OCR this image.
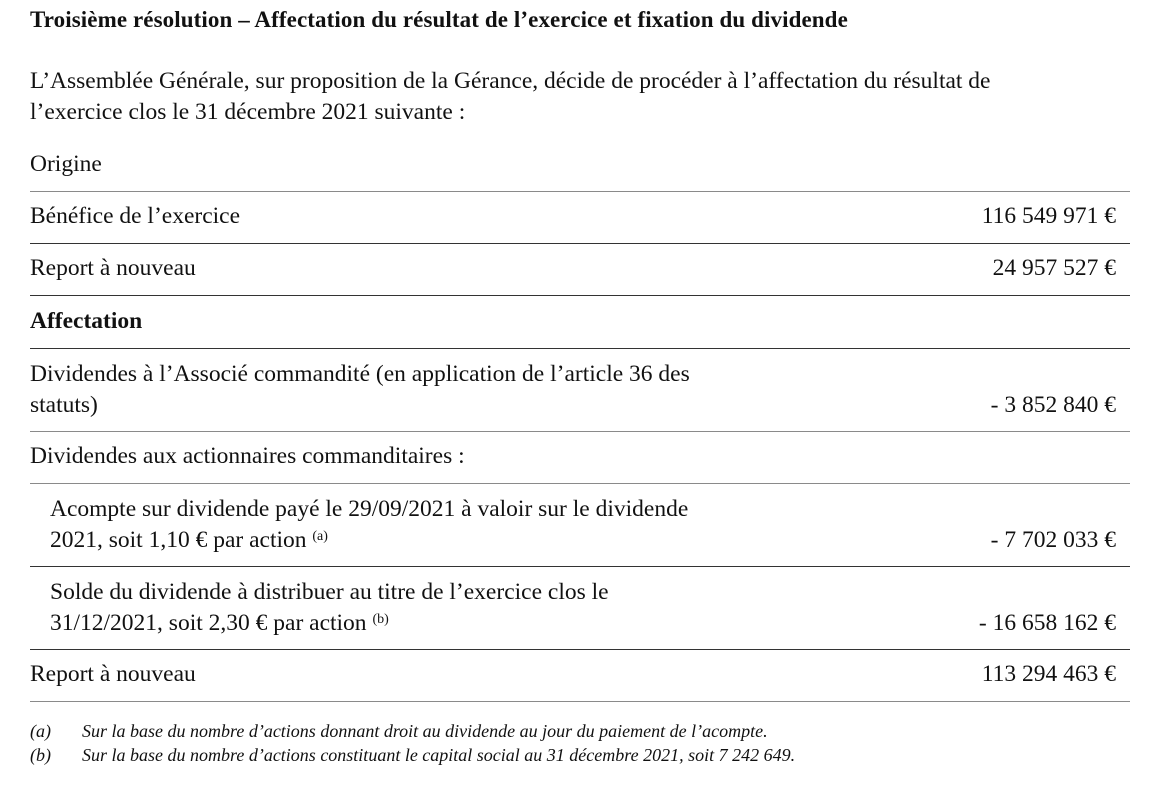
Troisième résolution – Affectation du résultat de l’exercice et fixation du dividende
L’Assemblée Générale, sur proposition de la Gérance, décide de procéder à l’affectation du résultat de
l’exercice clos le 31 décembre 2021 suivante :
Origine
Bénéfice de l’exercice	116 549 971 €
Report à nouveau	24 957 527 €
Affectation
Dividendes à l’Associé commandité (en application de l’article 36 des
statuts)	- 3 852 840 €
Dividendes aux actionnaires commanditaires :
Acompte sur dividende payé le 29/09/2021 à valoir sur le dividende
2021, soit 1,10 € par action $^{(a)}$	- 7 702 033 €
Solde du dividende à distribuer au titre de l’exercice clos le
31/12/2021, soit 2,30 € par action $^{(b)}$	- 16 658 162 €
Report à nouveau	113 294 463 €
(a) Sur la base du nombre d’actions donnant droit au dividende au jour du paiement de l’acompte.
(b) Sur la base du nombre d’actions constituant le capital social au 31 décembre 2021, soit 7 242 649.
